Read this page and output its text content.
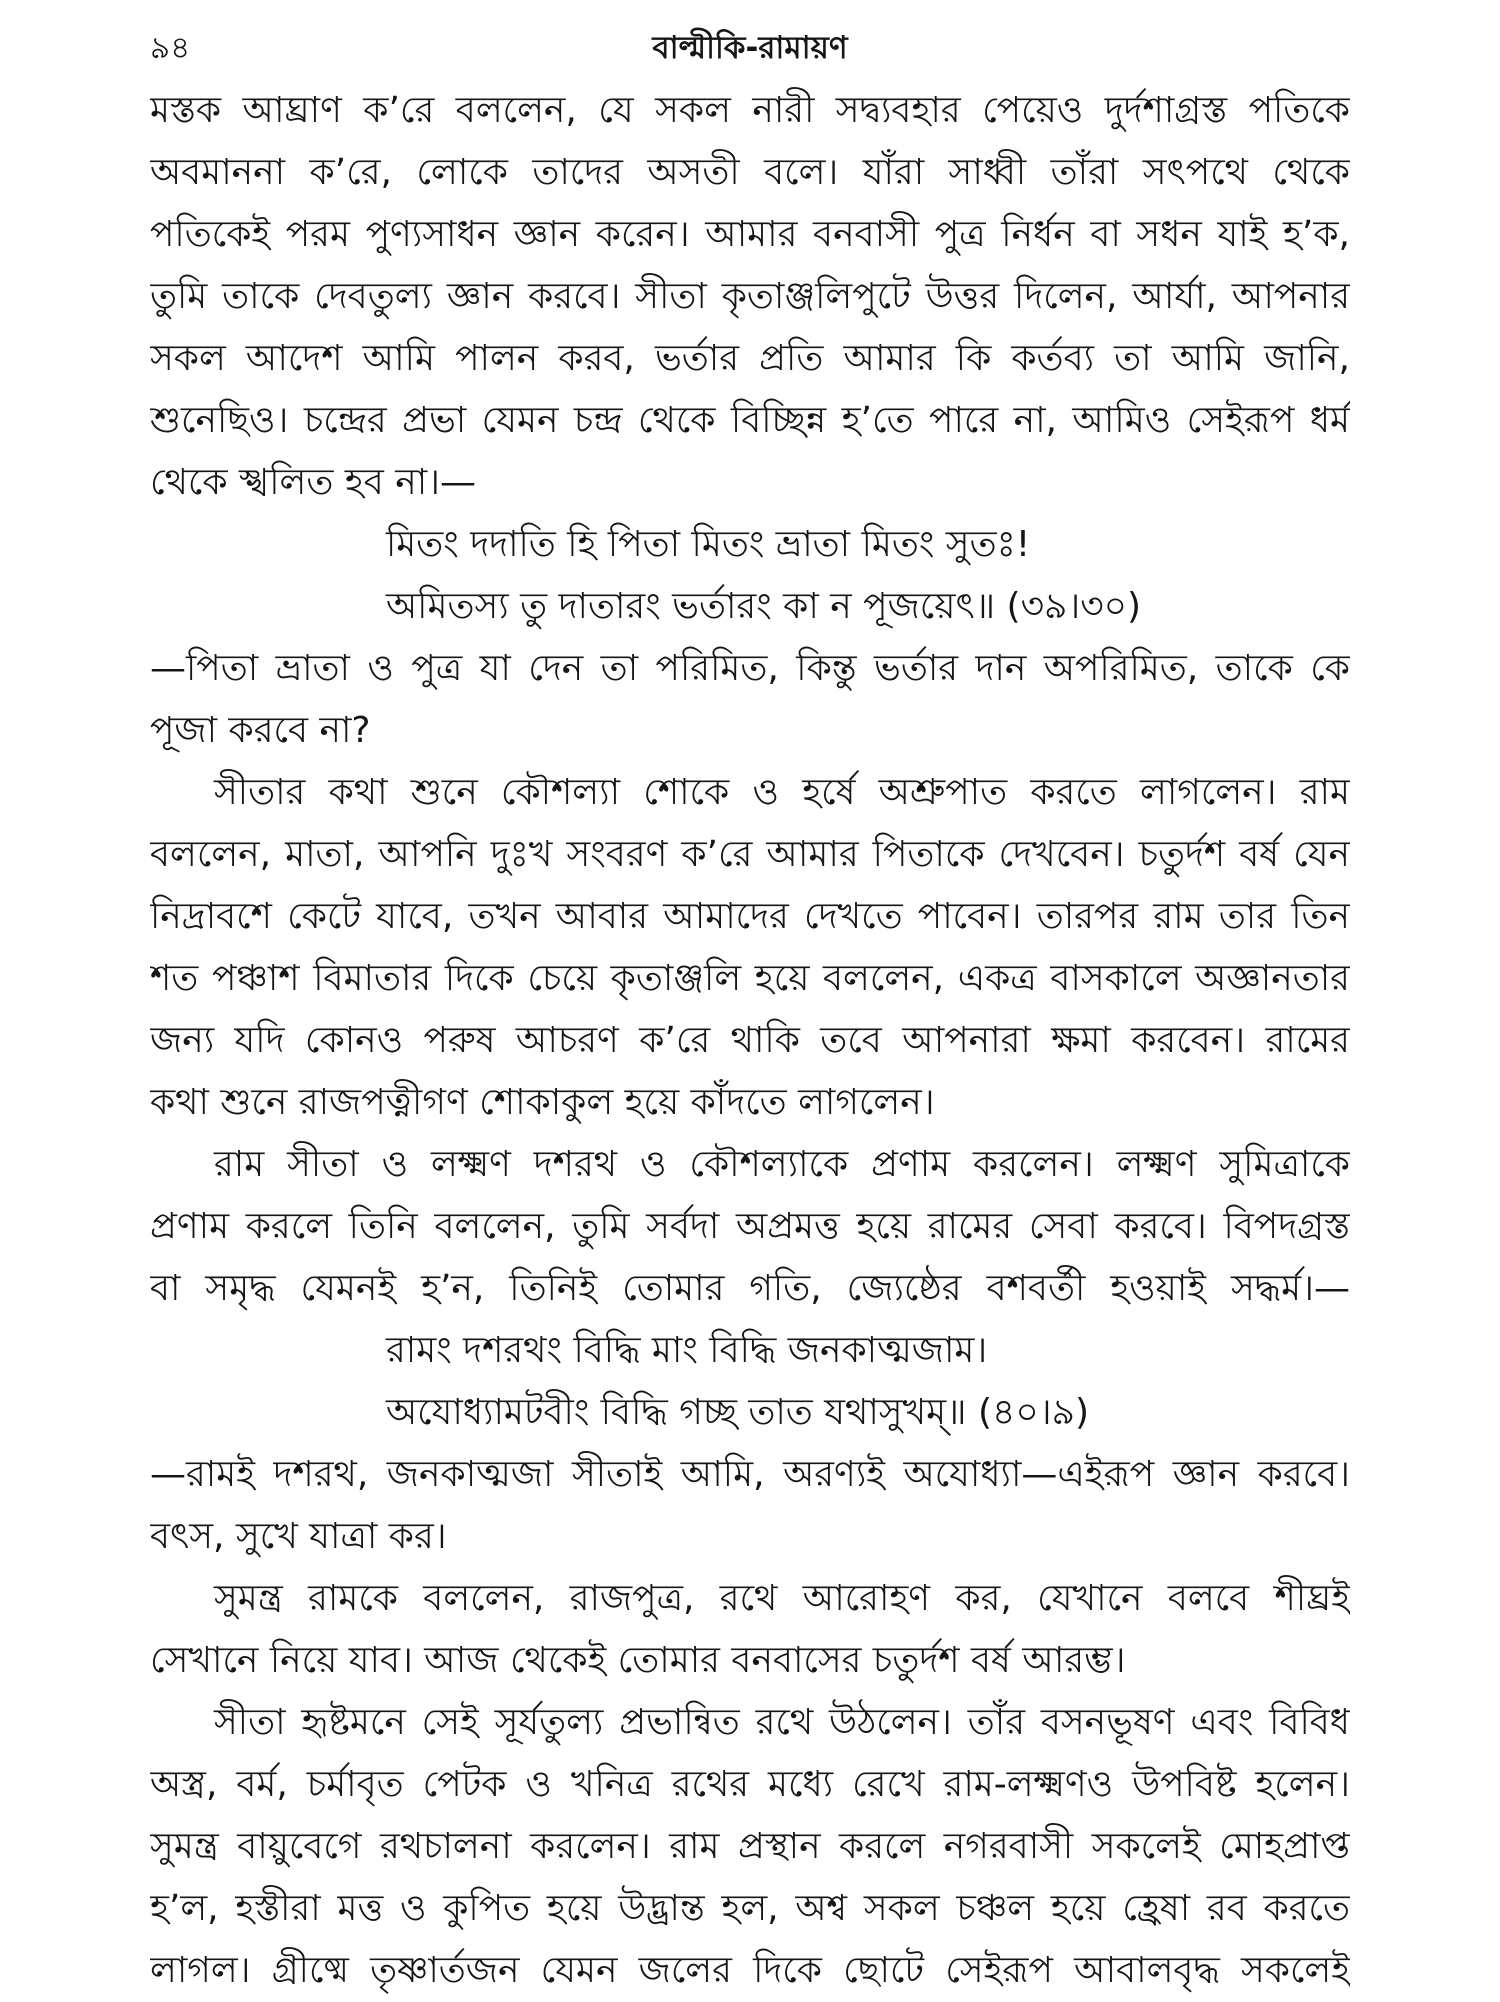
৯৪	বাল্মীকি-রামায়ণ
মস্তক আঘ্রাণ ক’রে বললেন, যে সকল নারী সদ্ব্যবহার পেয়েও দুর্দশাগ্রস্ত পতিকে
অবমাননা ক’রে, লোকে তাদের অসতী বলে। যাঁরা সাধ্বী তাঁরা সৎপথে থেকে
পতিকেই পরম পুণ্যসাধন জ্ঞান করেন। আমার বনবাসী পুত্র নির্ধন বা সধন যাই হ’ক,
তুমি তাকে দেবতুল্য জ্ঞান করবে। সীতা কৃতাঞ্জলিপুটে উত্তর দিলেন, আর্যা, আপনার
সকল আদেশ আমি পালন করব, ভর্তার প্রতি আমার কি কর্তব্য তা আমি জানি,
শুনেছিও। চন্দ্রের প্রভা যেমন চন্দ্র থেকে বিচ্ছিন্ন হ’তে পারে না, আমিও সেইরূপ ধর্ম
থেকে স্খলিত হব না।—
মিতং দদাতি হি পিতা মিতং ভ্রাতা মিতং সুতঃ!
অমিতস্য তু দাতারং ভর্তারং কা ন পূজয়েৎ॥ (৩৯।৩০)
—পিতা ভ্রাতা ও পুত্র যা দেন তা পরিমিত, কিন্তু ভর্তার দান অপরিমিত, তাকে কে
পূজা করবে না?
সীতার কথা শুনে কৌশল্যা শোকে ও হর্ষে অশ্রুপাত করতে লাগলেন। রাম
বললেন, মাতা, আপনি দুঃখ সংবরণ ক’রে আমার পিতাকে দেখবেন। চতুর্দশ বর্ষ যেন
নিদ্রাবশে কেটে যাবে, তখন আবার আমাদের দেখতে পাবেন। তারপর রাম তার তিন
শত পঞ্চাশ বিমাতার দিকে চেয়ে কৃতাঞ্জলি হয়ে বললেন, একত্র বাসকালে অজ্ঞানতার
জন্য যদি কোনও পরুষ আচরণ ক’রে থাকি তবে আপনারা ক্ষমা করবেন। রামের
কথা শুনে রাজপত্নীগণ শোকাকুল হয়ে কাঁদতে লাগলেন।
রাম সীতা ও লক্ষ্মণ দশরথ ও কৌশল্যাকে প্রণাম করলেন। লক্ষ্মণ সুমিত্রাকে
প্রণাম করলে তিনি বললেন, তুমি সর্বদা অপ্রমত্ত হয়ে রামের সেবা করবে। বিপদগ্রস্ত
বা সমৃদ্ধ যেমনই হ’ন, তিনিই তোমার গতি, জ্যেষ্ঠের বশবর্তী হওয়াই সদ্ধর্ম।—
রামং দশরথং বিদ্ধি মাং বিদ্ধি জনকাত্মজাম।
অযোধ্যামটবীং বিদ্ধি গচ্ছ তাত যথাসুখম্॥ (৪০।৯)
—রামই দশরথ, জনকাত্মজা সীতাই আমি, অরণ্যই অযোধ্যা—এইরূপ জ্ঞান করবে।
বৎস, সুখে যাত্রা কর।
সুমন্ত্র রামকে বললেন, রাজপুত্র, রথে আরোহণ কর, যেখানে বলবে শীঘ্রই
সেখানে নিয়ে যাব। আজ থেকেই তোমার বনবাসের চতুর্দশ বর্ষ আরম্ভ।
সীতা হৃষ্টমনে সেই সূর্যতুল্য প্রভান্বিত রথে উঠলেন। তাঁর বসনভূষণ এবং বিবিধ
অস্ত্র, বর্ম, চর্মাবৃত পেটক ও খনিত্র রথের মধ্যে রেখে রাম-লক্ষ্মণও উপবিষ্ট হলেন।
সুমন্ত্র বায়ুবেগে রথচালনা করলেন। রাম প্রস্থান করলে নগরবাসী সকলেই মোহপ্রাপ্ত
হ’ল, হস্তীরা মত্ত ও কুপিত হয়ে উদ্ভ্রান্ত হল, অশ্ব সকল চঞ্চল হয়ে হ্রেষা রব করতে
লাগল। গ্রীষ্মে তৃষ্ণার্তজন যেমন জলের দিকে ছোটে সেইরূপ আবালবৃদ্ধ সকলেই
